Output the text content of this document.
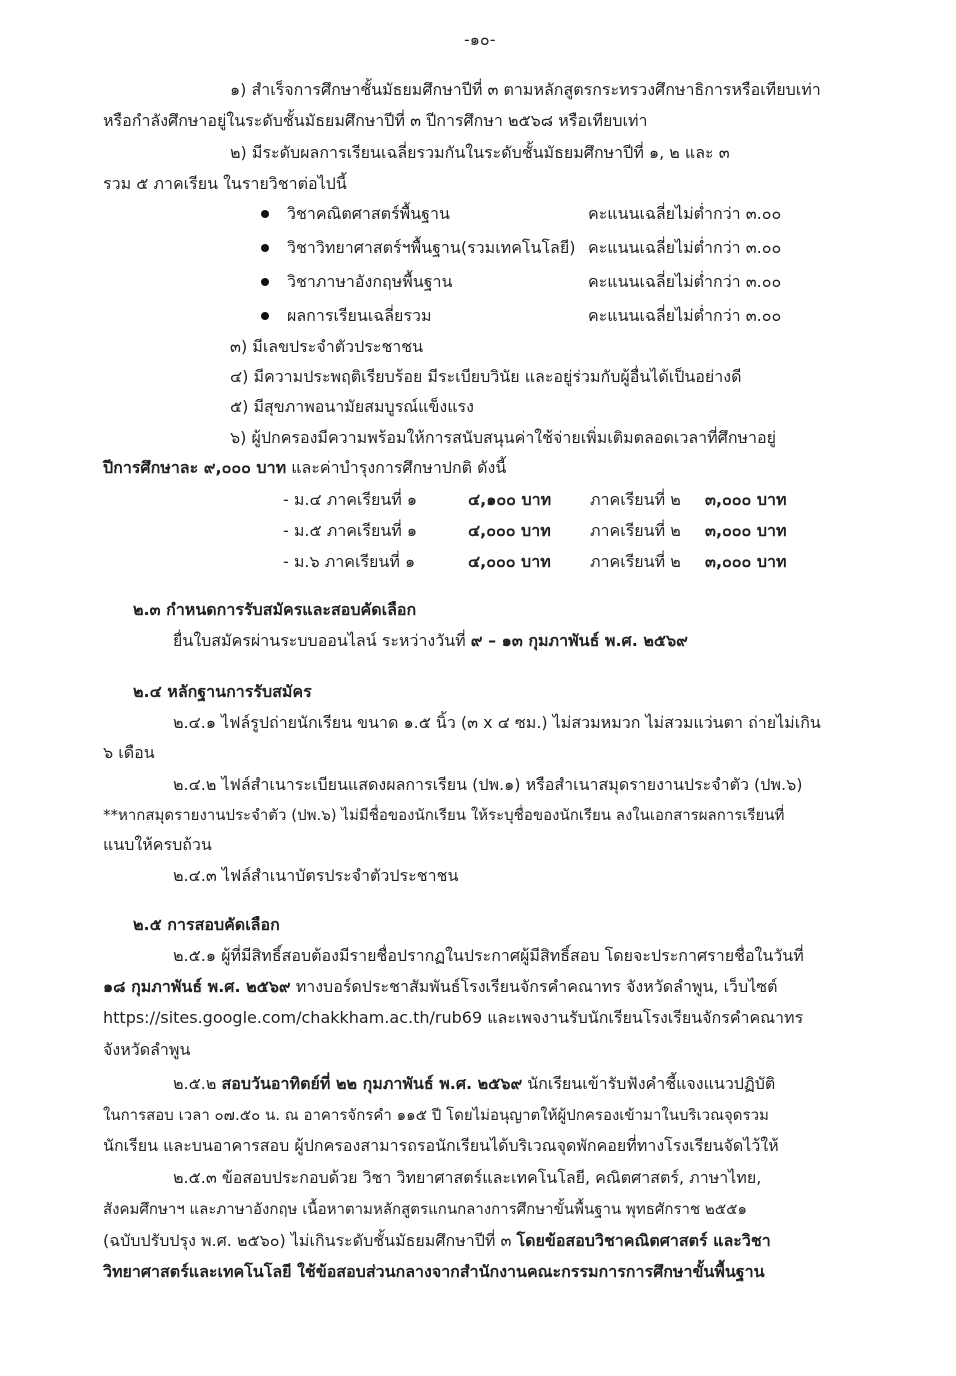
-๑๐-
๑) สำเร็จการศึกษาชั้นมัธยมศึกษาปีที่ ๓ ตามหลักสูตรกระทรวงศึกษาธิการหรือเทียบเท่า
หรือกำลังศึกษาอยู่ในระดับชั้นมัธยมศึกษาปีที่ ๓ ปีการศึกษา ๒๕๖๘ หรือเทียบเท่า
๒) มีระดับผลการเรียนเฉลี่ยรวมกันในระดับชั้นมัธยมศึกษาปีที่ ๑, ๒ และ ๓
รวม ๕ ภาคเรียน ในรายวิชาต่อไปนี้
วิชาคณิตศาสตร์พื้นฐาน	คะแนนเฉลี่ยไม่ต่ำกว่า ๓.๐๐
วิชาวิทยาศาสตร์ฯพื้นฐาน(รวมเทคโนโลยี) คะแนนเฉลี่ยไม่ต่ำกว่า ๓.๐๐
วิชาภาษาอังกฤษพื้นฐาน	คะแนนเฉลี่ยไม่ต่ำกว่า ๓.๐๐
ผลการเรียนเฉลี่ยรวม	คะแนนเฉลี่ยไม่ต่ำกว่า ๓.๐๐
๓) มีเลขประจำตัวประชาชน
๔) มีความประพฤติเรียบร้อย มีระเบียบวินัย และอยู่ร่วมกับผู้อื่นได้เป็นอย่างดี
๕) มีสุขภาพอนามัยสมบูรณ์แข็งแรง
๖) ผู้ปกครองมีความพร้อมให้การสนับสนุนค่าใช้จ่ายเพิ่มเติมตลอดเวลาที่ศึกษาอยู่
ปีการศึกษาละ ๙,๐๐๐ บาท และค่าบำรุงการศึกษาปกติ ดังนี้
- ม.๔ ภาคเรียนที่ ๑	๔,๑๐๐ บาท ภาคเรียนที่ ๒ ๓,๐๐๐ บาท
- ม.๕ ภาคเรียนที่ ๑	๔,๐๐๐ บาท ภาคเรียนที่ ๒ ๓,๐๐๐ บาท
- ม.๖ ภาคเรียนที่ ๑	๔,๐๐๐ บาท ภาคเรียนที่ ๒ ๓,๐๐๐ บาท
๒.๓ กำหนดการรับสมัครและสอบคัดเลือก
ยื่นใบสมัครผ่านระบบออนไลน์ ระหว่างวันที่ ๙ – ๑๓ กุมภาพันธ์ พ.ศ. ๒๕๖๙
๒.๔ หลักฐานการรับสมัคร
๒.๔.๑ ไฟล์รูปถ่ายนักเรียน ขนาด ๑.๕ นิ้ว (๓ x ๔ ซม.) ไม่สวมหมวก ไม่สวมแว่นตา ถ่ายไม่เกิน
๖ เดือน
๒.๔.๒ ไฟล์สำเนาระเบียนแสดงผลการเรียน (ปพ.๑) หรือสำเนาสมุดรายงานประจำตัว (ปพ.๖)
**หากสมุดรายงานประจำตัว (ปพ.๖) ไม่มีชื่อของนักเรียน ให้ระบุชื่อของนักเรียน ลงในเอกสารผลการเรียนที่
แนบให้ครบถ้วน
๒.๔.๓ ไฟล์สำเนาบัตรประจำตัวประชาชน
๒.๕ การสอบคัดเลือก
๒.๕.๑ ผู้ที่มีสิทธิ์สอบต้องมีรายชื่อปรากฏในประกาศผู้มีสิทธิ์สอบ โดยจะประกาศรายชื่อในวันที่
๑๘ กุมภาพันธ์ พ.ศ. ๒๕๖๙ ทางบอร์ดประชาสัมพันธ์โรงเรียนจักรคำคณาทร จังหวัดลำพูน, เว็บไซต์
https://sites.google.com/chakkham.ac.th/rub69 และเพจงานรับนักเรียนโรงเรียนจักรคำคณาทร
จังหวัดลำพูน
๒.๕.๒ สอบวันอาทิตย์ที่ ๒๒ กุมภาพันธ์ พ.ศ. ๒๕๖๙ นักเรียนเข้ารับฟังคำชี้แจงแนวปฏิบัติ
ในการสอบ เวลา ๐๗.๕๐ น. ณ อาคารจักรคำ ๑๑๕ ปี โดยไม่อนุญาตให้ผู้ปกครองเข้ามาในบริเวณจุดรวม
นักเรียน และบนอาคารสอบ ผู้ปกครองสามารถรอนักเรียนได้บริเวณจุดพักคอยที่ทางโรงเรียนจัดไว้ให้
๒.๕.๓ ข้อสอบประกอบด้วย วิชา วิทยาศาสตร์และเทคโนโลยี, คณิตศาสตร์, ภาษาไทย,
สังคมศึกษาฯ และภาษาอังกฤษ เนื้อหาตามหลักสูตรแกนกลางการศึกษาขั้นพื้นฐาน พุทธศักราช ๒๕๕๑
(ฉบับปรับปรุง พ.ศ. ๒๕๖๐) ไม่เกินระดับชั้นมัธยมศึกษาปีที่ ๓ โดยข้อสอบวิชาคณิตศาสตร์ และวิชา
วิทยาศาสตร์และเทคโนโลยี ใช้ข้อสอบส่วนกลางจากสำนักงานคณะกรรมการการศึกษาขั้นพื้นฐาน
